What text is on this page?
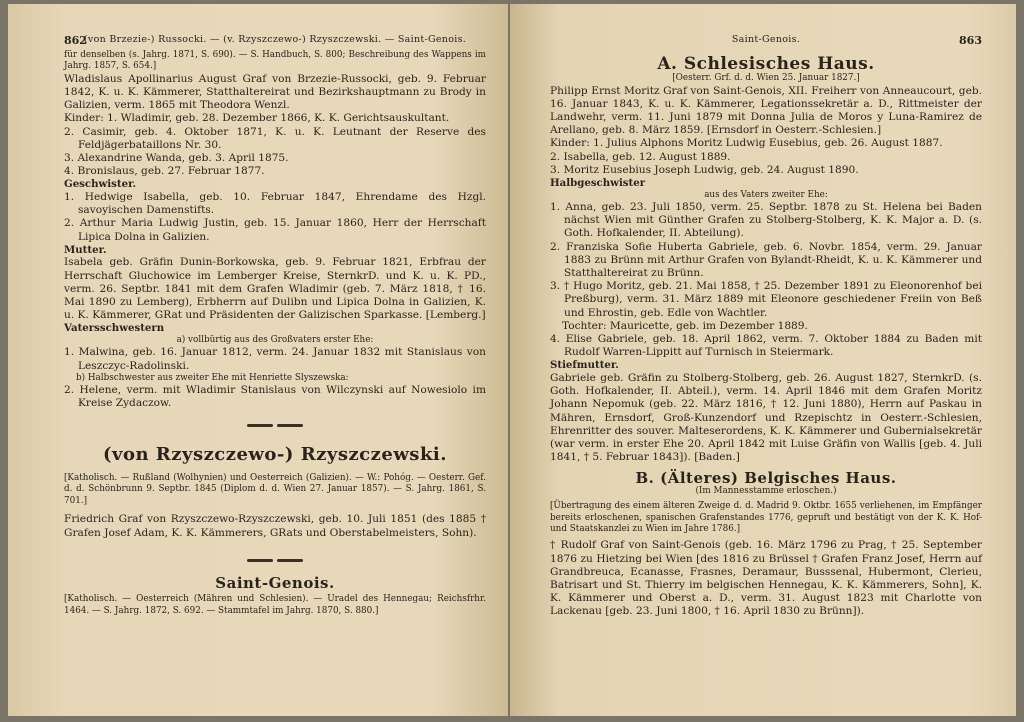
862
(von Brzezie-) Russocki. — (v. Rzyszczewo-) Rzyszczewski. — Saint-Genois.

für denselben (s. Jahrg. 1871, S. 690). — S. Handbuch, S. 800; Beschreibung des Wappens im Jahrg. 1857, S. 654.]

Wladislaus Apollinarius August Graf von Brzezie-Russocki, geb. 9. Februar 1842, K. u. K. Kämmerer, Statthaltereirat und Bezirkshauptmann zu Brody in Galizien, verm. 1865 mit Theodora Wenzl.

Kinder: 1. Wladimir, geb. 28. Dezember 1866, K. K. Gerichtsauskultant.

2. Casimir, geb. 4. Oktober 1871, K. u. K. Leutnant der Reserve des Feldjägerbataillons Nr. 30.

3. Alexandrine Wanda, geb. 3. April 1875.

4. Bronislaus, geb. 27. Februar 1877.

Geschwister.

1. Hedwige Isabella, geb. 10. Februar 1847, Ehrendame des Hzgl. savoyischen Damenstifts.

2. Arthur Maria Ludwig Justin, geb. 15. Januar 1860, Herr der Herrschaft Lipica Dolna in Galizien.

Mutter.

Isabela geb. Gräfin Dunin-Borkowska, geb. 9. Februar 1821, Erbfrau der Herrschaft Gluchowice im Lemberger Kreise, SternkrD. und K. u. K. PD., verm. 26. Septbr. 1841 mit dem Grafen Wladimir (geb. 7. März 1818, † 16. Mai 1890 zu Lemberg), Erbherrn auf Dulibn und Lipica Dolna in Galizien, K. u. K. Kämmerer, GRat und Präsidenten der Galizischen Sparkasse. [Lemberg.]

Vatersschwestern

a) vollbürtig aus des Großvaters erster Ehe:

1. Malwina, geb. 16. Januar 1812, verm. 24. Januar 1832 mit Stanislaus von Leszczyc-Radolinski.

b) Halbschwester aus zweiter Ehe mit Henriette Slyszewska:

2. Helene, verm. mit Wladimir Stanislaus von Wilczynski auf Nowesiolo im Kreise Zydaczow.

(von Rzyszczewo-) Rzyszczewski.

[Katholisch. — Rußland (Wolhynien) und Oesterreich (Galizien). — W.: Pohóg. — Oesterr. Gef. d. d. Schönbrunn 9. Septbr. 1845 (Diplom d. d. Wien 27. Januar 1857). — S. Jahrg. 1861, S. 701.]

Friedrich Graf von Rzyszczewo-Rzyszczewski, geb. 10. Juli 1851 (des 1885 † Grafen Josef Adam, K. K. Kämmerers, GRats und Oberstabelmeisters, Sohn).

Saint-Genois.

[Katholisch. — Oesterreich (Mähren und Schlesien). — Uradel des Hennegau; Reichsfrhr. 1464. — S. Jahrg. 1872, S. 692. — Stammtafel im Jahrg. 1870, S. 880.]

863
Saint-Genois.
A. Schlesisches Haus.

[Oesterr. Grf. d. d. Wien 25. Januar 1827.]

Philipp Ernst Moritz Graf von Saint-Genois, XII. Freiherr von Anneaucourt, geb. 16. Januar 1843, K. u. K. Kämmerer, Legationssekretär a. D., Rittmeister der Landwehr, verm. 11. Juni 1879 mit Donna Julia de Moros y Luna-Ramirez de Arellano, geb. 8. März 1859. [Ernsdorf in Oesterr.-Schlesien.]

Kinder: 1. Julius Alphons Moritz Ludwig Eusebius, geb. 26. August 1887.

2. Isabella, geb. 12. August 1889.

3. Moritz Eusebius Joseph Ludwig, geb. 24. August 1890.

Halbgeschwister

aus des Vaters zweiter Ehe:

1. Anna, geb. 23. Juli 1850, verm. 25. Septbr. 1878 zu St. Helena bei Baden nächst Wien mit Günther Grafen zu Stolberg-Stolberg, K. K. Major a. D. (s. Goth. Hofkalender, II. Abteilung).

2. Franziska Sofie Huberta Gabriele, geb. 6. Novbr. 1854, verm. 29. Januar 1883 zu Brünn mit Arthur Grafen von Bylandt-Rheidt, K. u. K. Kämmerer und Statthaltereirat zu Brünn.

3. † Hugo Moritz, geb. 21. Mai 1858, † 25. Dezember 1891 zu Eleonorenhof bei Preßburg), verm. 31. März 1889 mit Eleonore geschiedener Freiin von Beß und Ehrostin, geb. Edle von Wachtler.

Tochter: Mauricette, geb. im Dezember 1889.

4. Elise Gabriele, geb. 18. April 1862, verm. 7. Oktober 1884 zu Baden mit Rudolf Warren-Lippitt auf Turnisch in Steiermark.

Stiefmutter.

Gabriele geb. Gräfin zu Stolberg-Stolberg, geb. 26. August 1827, SternkrD. (s. Goth. Hofkalender, II. Abteil.), verm. 14. April 1846 mit dem Grafen Moritz Johann Nepomuk (geb. 22. März 1816, † 12. Juni 1880), Herrn auf Paskau in Mähren, Ernsdorf, Groß-Kunzendorf und Rzepischtz in Oesterr.-Schlesien, Ehrenritter des souver. Malteserordens, K. K. Kämmerer und Gubernialsekretär (war verm. in erster Ehe 20. April 1842 mit Luise Gräfin von Wallis [geb. 4. Juli 1841, † 5. Februar 1843]). [Baden.]

B. (Älteres) Belgisches Haus.

(Im Mannesstamme erloschen.)

[Übertragung des einem älteren Zweige d. d. Madrid 9. Oktbr. 1655 verliehenen, im Empfänger bereits erloschenen, spanischen Grafenstandes 1776, gepruft und bestätigt von der K. K. Hof- und Staatskanzlei zu Wien im Jahre 1786.]

† Rudolf Graf von Saint-Genois (geb. 16. März 1796 zu Prag, † 25. September 1876 zu Hietzing bei Wien [des 1816 zu Brüssel † Grafen Franz Josef, Herrn auf Grandbreuca, Ecanasse, Frasnes, Deramaur, Busssenal, Hubermont, Clerieu, Batrisart und St. Thierry im belgischen Hennegau, K. K. Kämmerers, Sohn], K. K. Kämmerer und Oberst a. D., verm. 31. August 1823 mit Charlotte von Lackenau [geb. 23. Juni 1800, † 16. April 1830 zu Brünn]).
